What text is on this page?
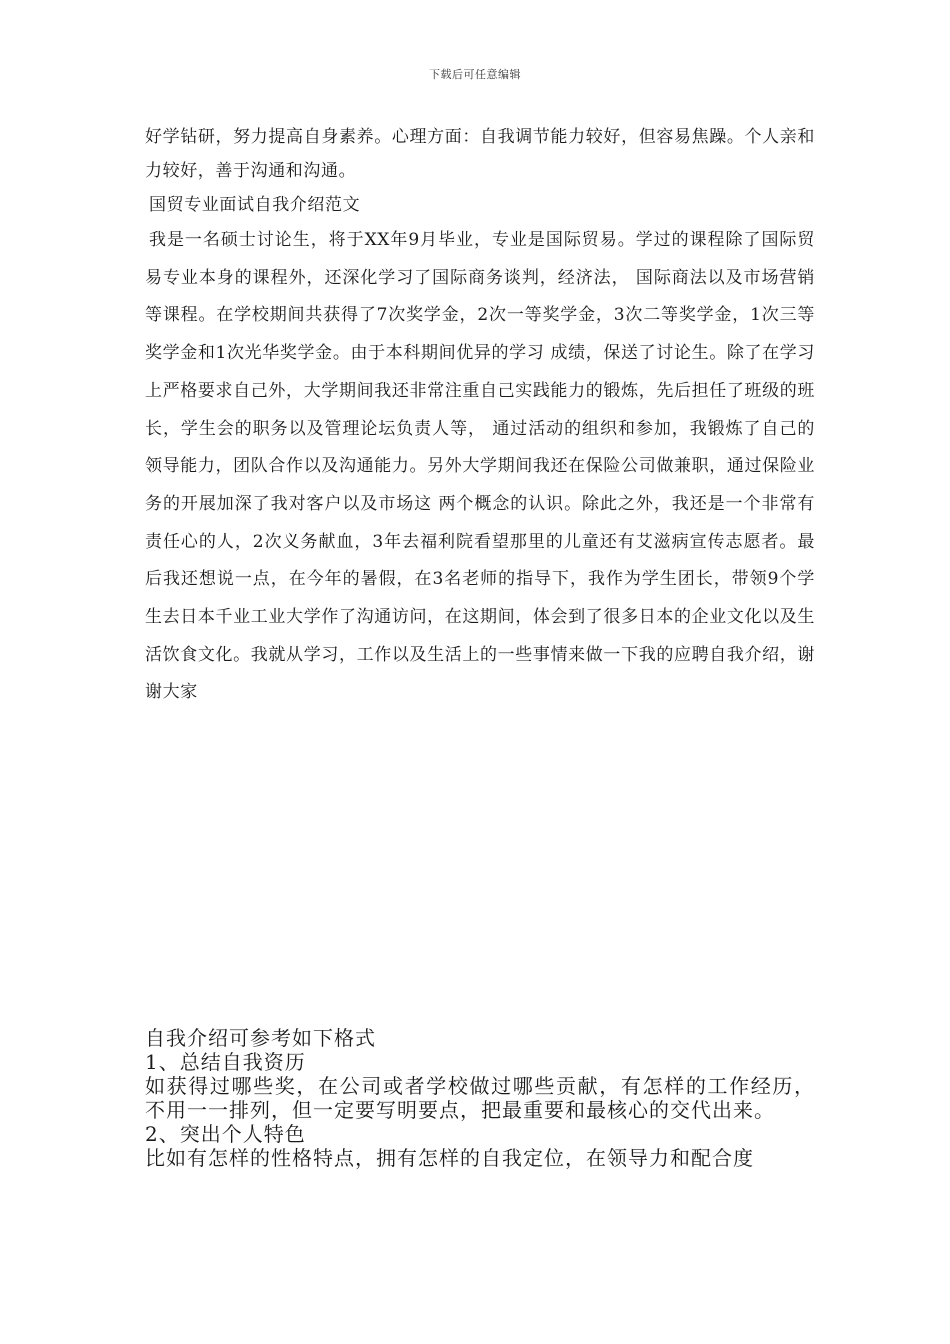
下载后可任意编辑

好学钻研，努力提高自身素养。心理方面：自我调节能力较好，但容易焦躁。个人亲和力较好，善于沟通和沟通。

国贸专业面试自我介绍范文

我是一名硕士讨论生，将于XX年9月毕业，专业是国际贸易。学过的课程除了国际贸易专业本身的课程外，还深化学习了国际商务谈判，经济法， 国际商法以及市场营销等课程。在学校期间共获得了7次奖学金，2次一等奖学金，3次二等奖学金，1次三等奖学金和1次光华奖学金。由于本科期间优异的学习 成绩，保送了讨论生。除了在学习上严格要求自己外，大学期间我还非常注重自己实践能力的锻炼，先后担任了班级的班长，学生会的职务以及管理论坛负责人等， 通过活动的组织和参加，我锻炼了自己的领导能力，团队合作以及沟通能力。另外大学期间我还在保险公司做兼职，通过保险业务的开展加深了我对客户以及市场这 两个概念的认识。除此之外，我还是一个非常有责任心的人，2次义务献血，3年去福利院看望那里的儿童还有艾滋病宣传志愿者。最后我还想说一点，在今年的暑假，在3名老师的指导下，我作为学生团长，带领9个学生去日本千业工业大学作了沟通访问，在这期间，体会到了很多日本的企业文化以及生活饮食文化。我就从学习，工作以及生活上的一些事情来做一下我的应聘自我介绍，谢谢大家

自我介绍可参考如下格式

1、总结自我资历

如获得过哪些奖，在公司或者学校做过哪些贡献，有怎样的工作经历，不用一一排列，但一定要写明要点，把最重要和最核心的交代出来。

2、突出个人特色

比如有怎样的性格特点，拥有怎样的自我定位，在领导力和配合度
